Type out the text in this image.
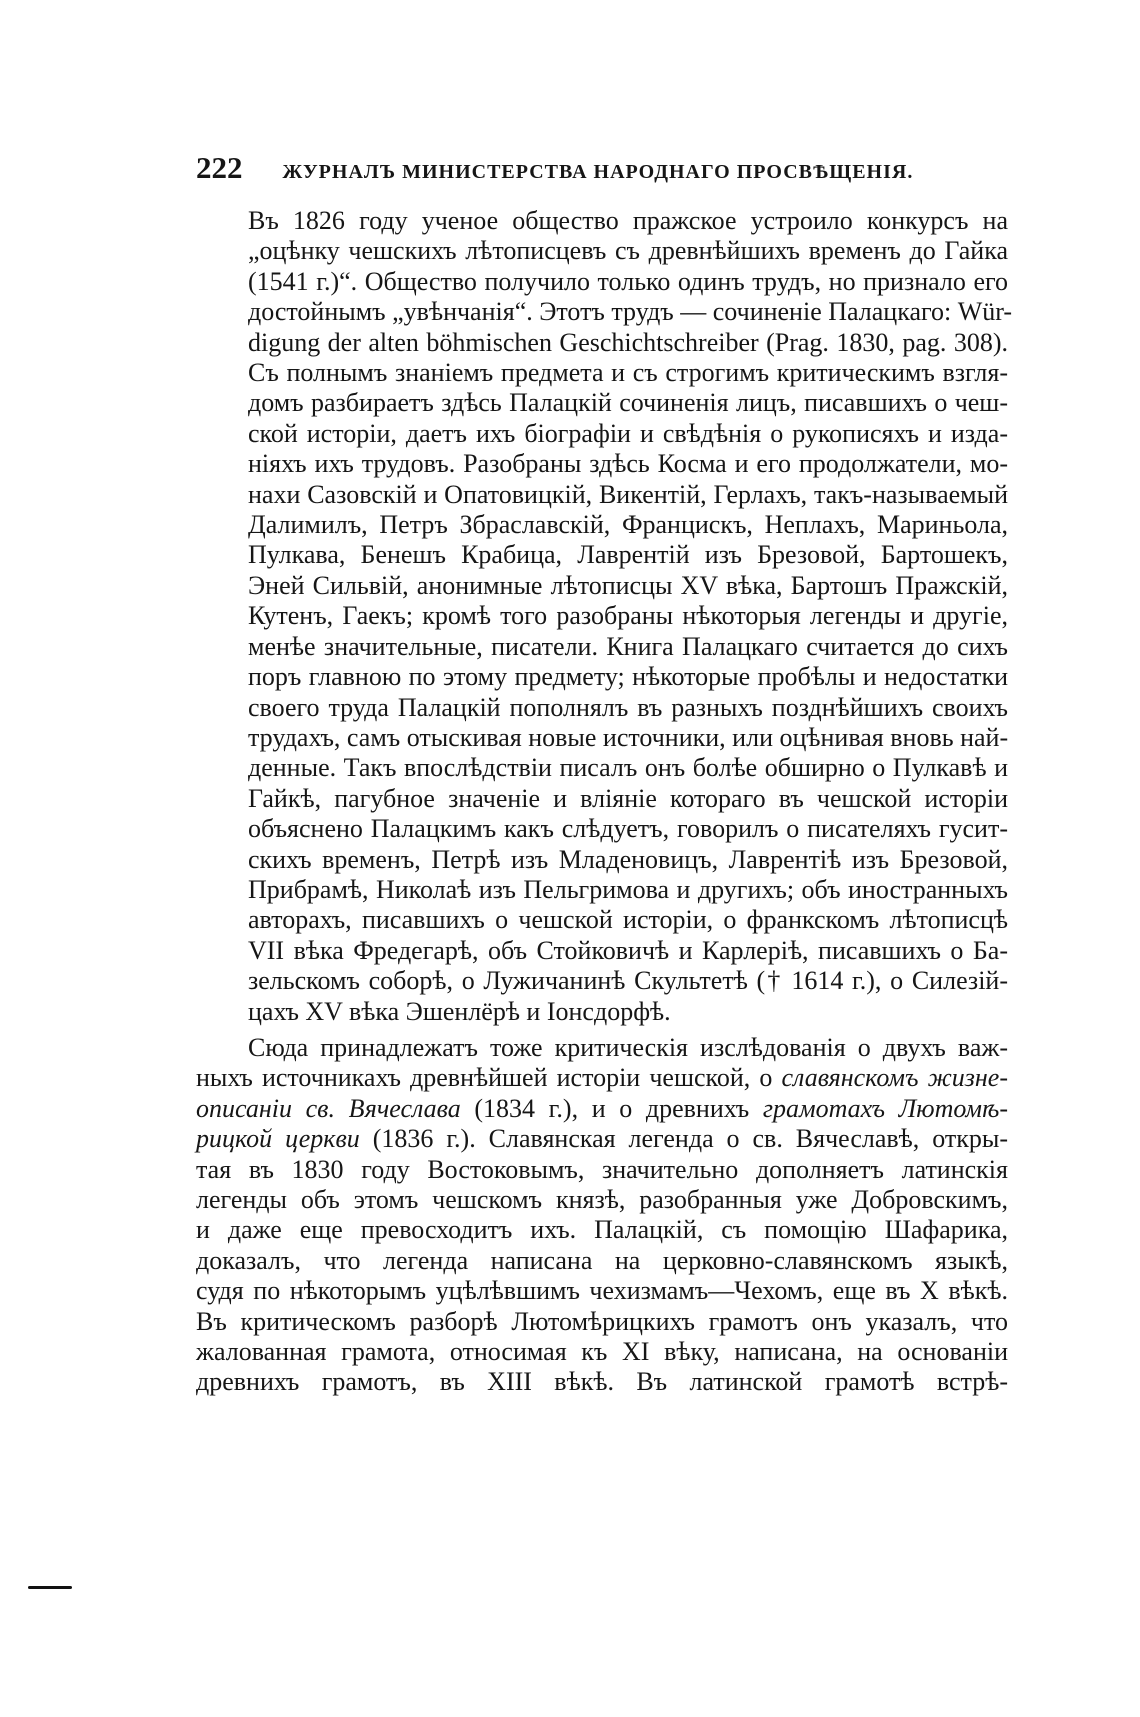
222 ЖУРНАЛЪ МИНИСТЕРСТВА НАРОДНАГО ПРОСВѢЩЕНІЯ.
Въ 1826 году ученое общество пражское устроило конкурсъ на
„оцѣнку чешскихъ лѣтописцевъ съ древнѣйшихъ временъ до Гайка
(1541 г.)“. Общество получило только одинъ трудъ, но признало его
достойнымъ „увѣнчанія“. Этотъ трудъ — сочиненіе Палацкаго: Wür-
digung der alten böhmischen Geschichtschreiber (Prag. 1830, pag. 308).
Съ полнымъ знаніемъ предмета и съ строгимъ критическимъ взгля-
домъ разбираетъ здѣсь Палацкій сочиненія лицъ, писавшихъ о чеш-
ской исторіи, даетъ ихъ біографіи и свѣдѣнія о рукописяхъ и изда-
ніяхъ ихъ трудовъ. Разобраны здѣсь Косма и его продолжатели, мо-
нахи Сазовскій и Опатовицкій, Викентій, Герлахъ, такъ-называемый
Далимилъ, Петръ Збраславскій, Францискъ, Неплахъ, Мариньола,
Пулкава, Бенешъ Крабица, Лаврентій изъ Брезовой, Бартошекъ,
Эней Сильвій, анонимные лѣтописцы XV вѣка, Бартошъ Пражскій,
Кутенъ, Гаекъ; кромѣ того разобраны нѣкоторыя легенды и другіе,
менѣе значительные, писатели. Книга Палацкаго считается до сихъ
поръ главною по этому предмету; нѣкоторые пробѣлы и недостатки
своего труда Палацкій пополнялъ въ разныхъ позднѣйшихъ своихъ
трудахъ, самъ отыскивая новые источники, или оцѣнивая вновь най-
денные. Такъ впослѣдствіи писалъ онъ болѣе обширно о Пулкавѣ и
Гайкѣ, пагубное значеніе и вліяніе котораго въ чешской исторіи
объяснено Палацкимъ какъ слѣдуетъ, говорилъ о писателяхъ гусит-
скихъ временъ, Петрѣ изъ Младеновицъ, Лаврентіѣ изъ Брезовой,
Прибрамѣ, Николаѣ изъ Пельгримова и другихъ; объ иностранныхъ
авторахъ, писавшихъ о чешской исторіи, о франкскомъ лѣтописцѣ
VII вѣка Фредегарѣ, объ Стойковичѣ и Карлеріѣ, писавшихъ о Ба-
зельскомъ соборѣ, о Лужичанинѣ Скультетѣ († 1614 г.), о Силезій-
цахъ XV вѣка Эшенлёрѣ и Іонсдорфѣ.
Сюда принадлежатъ тоже критическія изслѣдованія о двухъ важ-
ныхъ источникахъ древнѣйшей исторіи чешской, о славянскомъ жизне-
описаніи св. Вячеслава (1834 г.), и о древнихъ грамотахъ Лютомѣ-
рицкой церкви (1836 г.). Славянская легенда о св. Вячеславѣ, откры-
тая въ 1830 году Востоковымъ, значительно дополняетъ латинскія
легенды объ этомъ чешскомъ князѣ, разобранныя уже Добровскимъ,
и даже еще превосходитъ ихъ. Палацкій, съ помощію Шафарика,
доказалъ, что легенда написана на церковно-славянскомъ языкѣ,
судя по нѣкоторымъ уцѣлѣвшимъ чехизмамъ—Чехомъ, еще въ X вѣкѣ.
Въ критическомъ разборѣ Лютомѣрицкихъ грамотъ онъ указалъ, что
жалованная грамота, относимая къ XI вѣку, написана, на основаніи
древнихъ грамотъ, въ XIII вѣкѣ. Въ латинской грамотѣ встрѣ-
